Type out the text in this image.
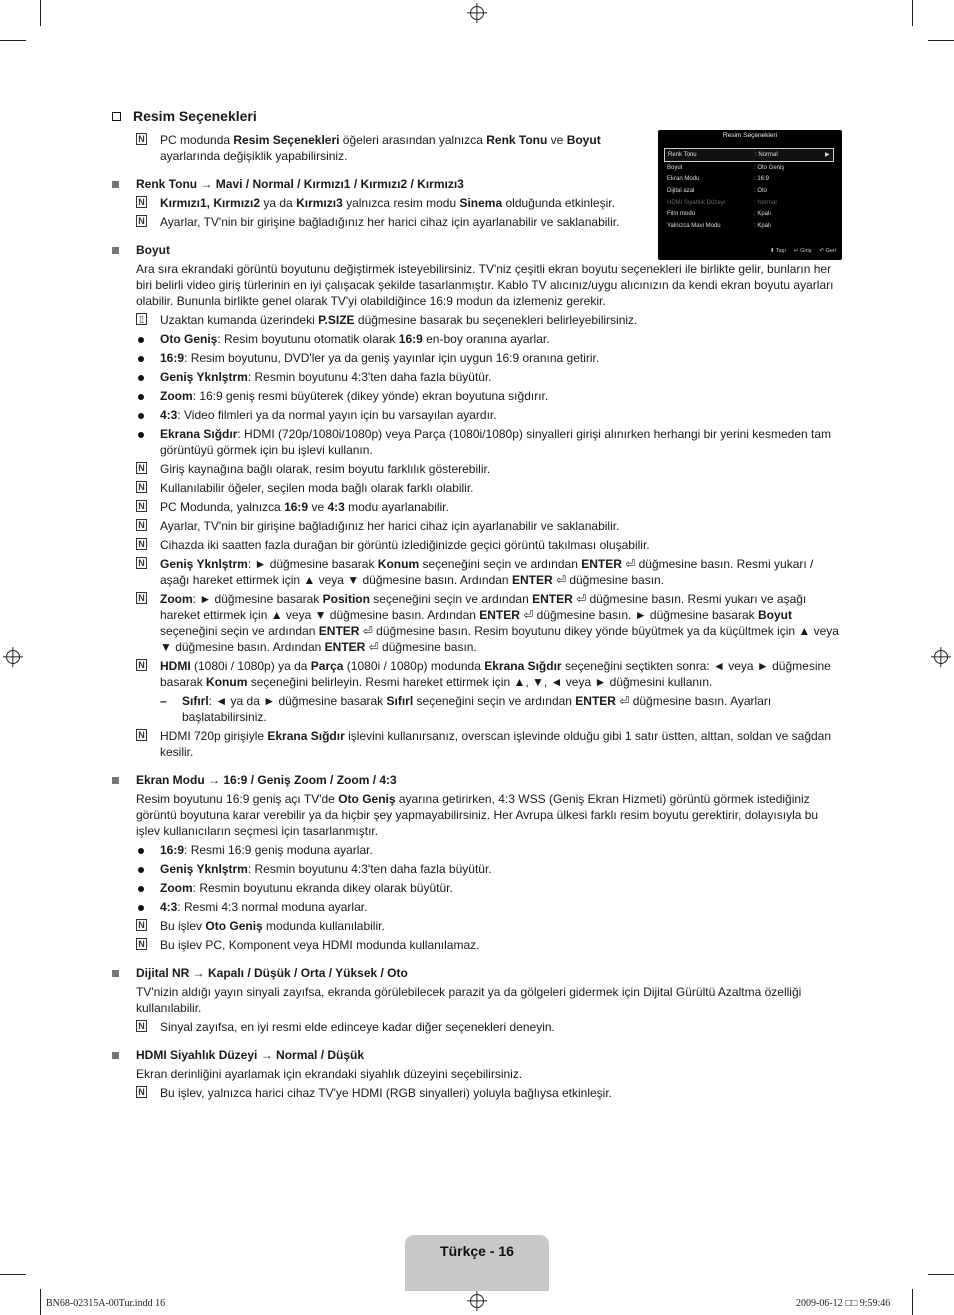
Resim Seçenekleri
Renk Tonu	: Normal	▶
Boyut	: Oto Geniş
Ekran Modu	: 16:9
Dijital azal	: Oto
HDMI Siyahlık Düzeyi	: Normal
Film modu	: Kpalı
Yalnızca Mavi Modu	: Kpalı
⬍ Taşı ↵ Giriş ↶ Geri
Resim Seçenekleri
N PC modunda Resim Seçenekleri öğeleri arasından yalnızca Renk Tonu ve Boyut ayarlarında değişiklik yapabilirsiniz.
Renk Tonu → Mavi / Normal / Kırmızı1 / Kırmızı2 / Kırmızı3
N Kırmızı1, Kırmızı2 ya da Kırmızı3 yalnızca resim modu Sinema olduğunda etkinleşir.
N Ayarlar, TV'nin bir girişine bağladığınız her harici cihaz için ayarlanabilir ve saklanabilir.
Boyut
Ara sıra ekrandaki görüntü boyutunu değiştirmek isteyebilirsiniz. TV'niz çeşitli ekran boyutu seçenekleri ile birlikte gelir, bunların her biri belirli video giriş türlerinin en iyi çalışacak şekilde tasarlanmıştır. Kablo TV alıcınız/uygu alıcınızın da kendi ekran boyutu ayarları olabilir. Bununla birlikte genel olarak TV'yi olabildiğince 16:9 modun da izlemeniz gerekir.
▯ Uzaktan kumanda üzerindeki P.SIZE düğmesine basarak bu seçenekleri belirleyebilirsiniz.
Oto Geniş: Resim boyutunu otomatik olarak 16:9 en-boy oranına ayarlar.
16:9: Resim boyutunu, DVD'ler ya da geniş yayınlar için uygun 16:9 oranına getirir.
Geniş Yknlştrm: Resmin boyutunu 4:3'ten daha fazla büyütür.
Zoom: 16:9 geniş resmi büyüterek (dikey yönde) ekran boyutuna sığdırır.
4:3: Video filmleri ya da normal yayın için bu varsayılan ayardır.
Ekrana Sığdır: HDMI (720p/1080i/1080p) veya Parça (1080i/1080p) sinyalleri girişi alınırken herhangi bir yerini kesmeden tam görüntüyü görmek için bu işlevi kullanın.
N Giriş kaynağına bağlı olarak, resim boyutu farklılık gösterebilir.
N Kullanılabilir öğeler, seçilen moda bağlı olarak farklı olabilir.
N PC Modunda, yalnızca 16:9 ve 4:3 modu ayarlanabilir.
N Ayarlar, TV'nin bir girişine bağladığınız her harici cihaz için ayarlanabilir ve saklanabilir.
N Cihazda iki saatten fazla durağan bir görüntü izlediğinizde geçici görüntü takılması oluşabilir.
N Geniş Yknlştrm: ► düğmesine basarak Konum seçeneğini seçin ve ardından ENTER ⏎ düğmesine basın. Resmi yukarı / aşağı hareket ettirmek için ▲ veya ▼ düğmesine basın. Ardından ENTER ⏎ düğmesine basın.
N Zoom: ► düğmesine basarak Position seçeneğini seçin ve ardından ENTER ⏎ düğmesine basın. Resmi yukarı ve aşağı hareket ettirmek için ▲ veya ▼ düğmesine basın. Ardından ENTER ⏎ düğmesine basın. ► düğmesine basarak Boyut seçeneğini seçin ve ardından ENTER ⏎ düğmesine basın. Resim boyutunu dikey yönde büyütmek ya da küçültmek için ▲ veya ▼ düğmesine basın. Ardından ENTER ⏎ düğmesine basın.
N HDMI (1080i / 1080p) ya da Parça (1080i / 1080p) modunda Ekrana Sığdır seçeneğini seçtikten sonra: ◄ veya ► düğmesine basarak Konum seçeneğini belirleyin. Resmi hareket ettirmek için ▲, ▼, ◄ veya ► düğmesini kullanın.
–	Sıfırl: ◄ ya da ► düğmesine basarak Sıfırl seçeneğini seçin ve ardından ENTER ⏎ düğmesine basın. Ayarları başlatabilirsiniz.
N HDMI 720p girişiyle Ekrana Sığdır işlevini kullanırsanız, overscan işlevinde olduğu gibi 1 satır üstten, alttan, soldan ve sağdan kesilir.
Ekran Modu → 16:9 / Geniş Zoom / Zoom / 4:3
Resim boyutunu 16:9 geniş açı TV'de Oto Geniş ayarına getirirken, 4:3 WSS (Geniş Ekran Hizmeti) görüntü görmek istediğiniz görüntü boyutuna karar verebilir ya da hiçbir şey yapmayabilirsiniz. Her Avrupa ülkesi farklı resim boyutu gerektirir, dolayısıyla bu işlev kullanıcıların seçmesi için tasarlanmıştır.
16:9: Resmi 16:9 geniş moduna ayarlar.
Geniş Yknlştrm: Resmin boyutunu 4:3'ten daha fazla büyütür.
Zoom: Resmin boyutunu ekranda dikey olarak büyütür.
4:3: Resmi 4:3 normal moduna ayarlar.
N Bu işlev Oto Geniş modunda kullanılabilir.
N Bu işlev PC, Komponent veya HDMI modunda kullanılamaz.
Dijital NR → Kapalı / Düşük / Orta / Yüksek / Oto
TV'nizin aldığı yayın sinyali zayıfsa, ekranda görülebilecek parazit ya da gölgeleri gidermek için Dijital Gürültü Azaltma özelliği kullanılabilir.
N Sinyal zayıfsa, en iyi resmi elde edinceye kadar diğer seçenekleri deneyin.
HDMI Siyahlık Düzeyi → Normal / Düşük
Ekran derinliğini ayarlamak için ekrandaki siyahlık düzeyini seçebilirsiniz.
N Bu işlev, yalnızca harici cihaz TV'ye HDMI (RGB sinyalleri) yoluyla bağlıysa etkinleşir.
Türkçe - 16
BN68-02315A-00Tur.indd 16	2009-06-12 □□ 9:59:46
